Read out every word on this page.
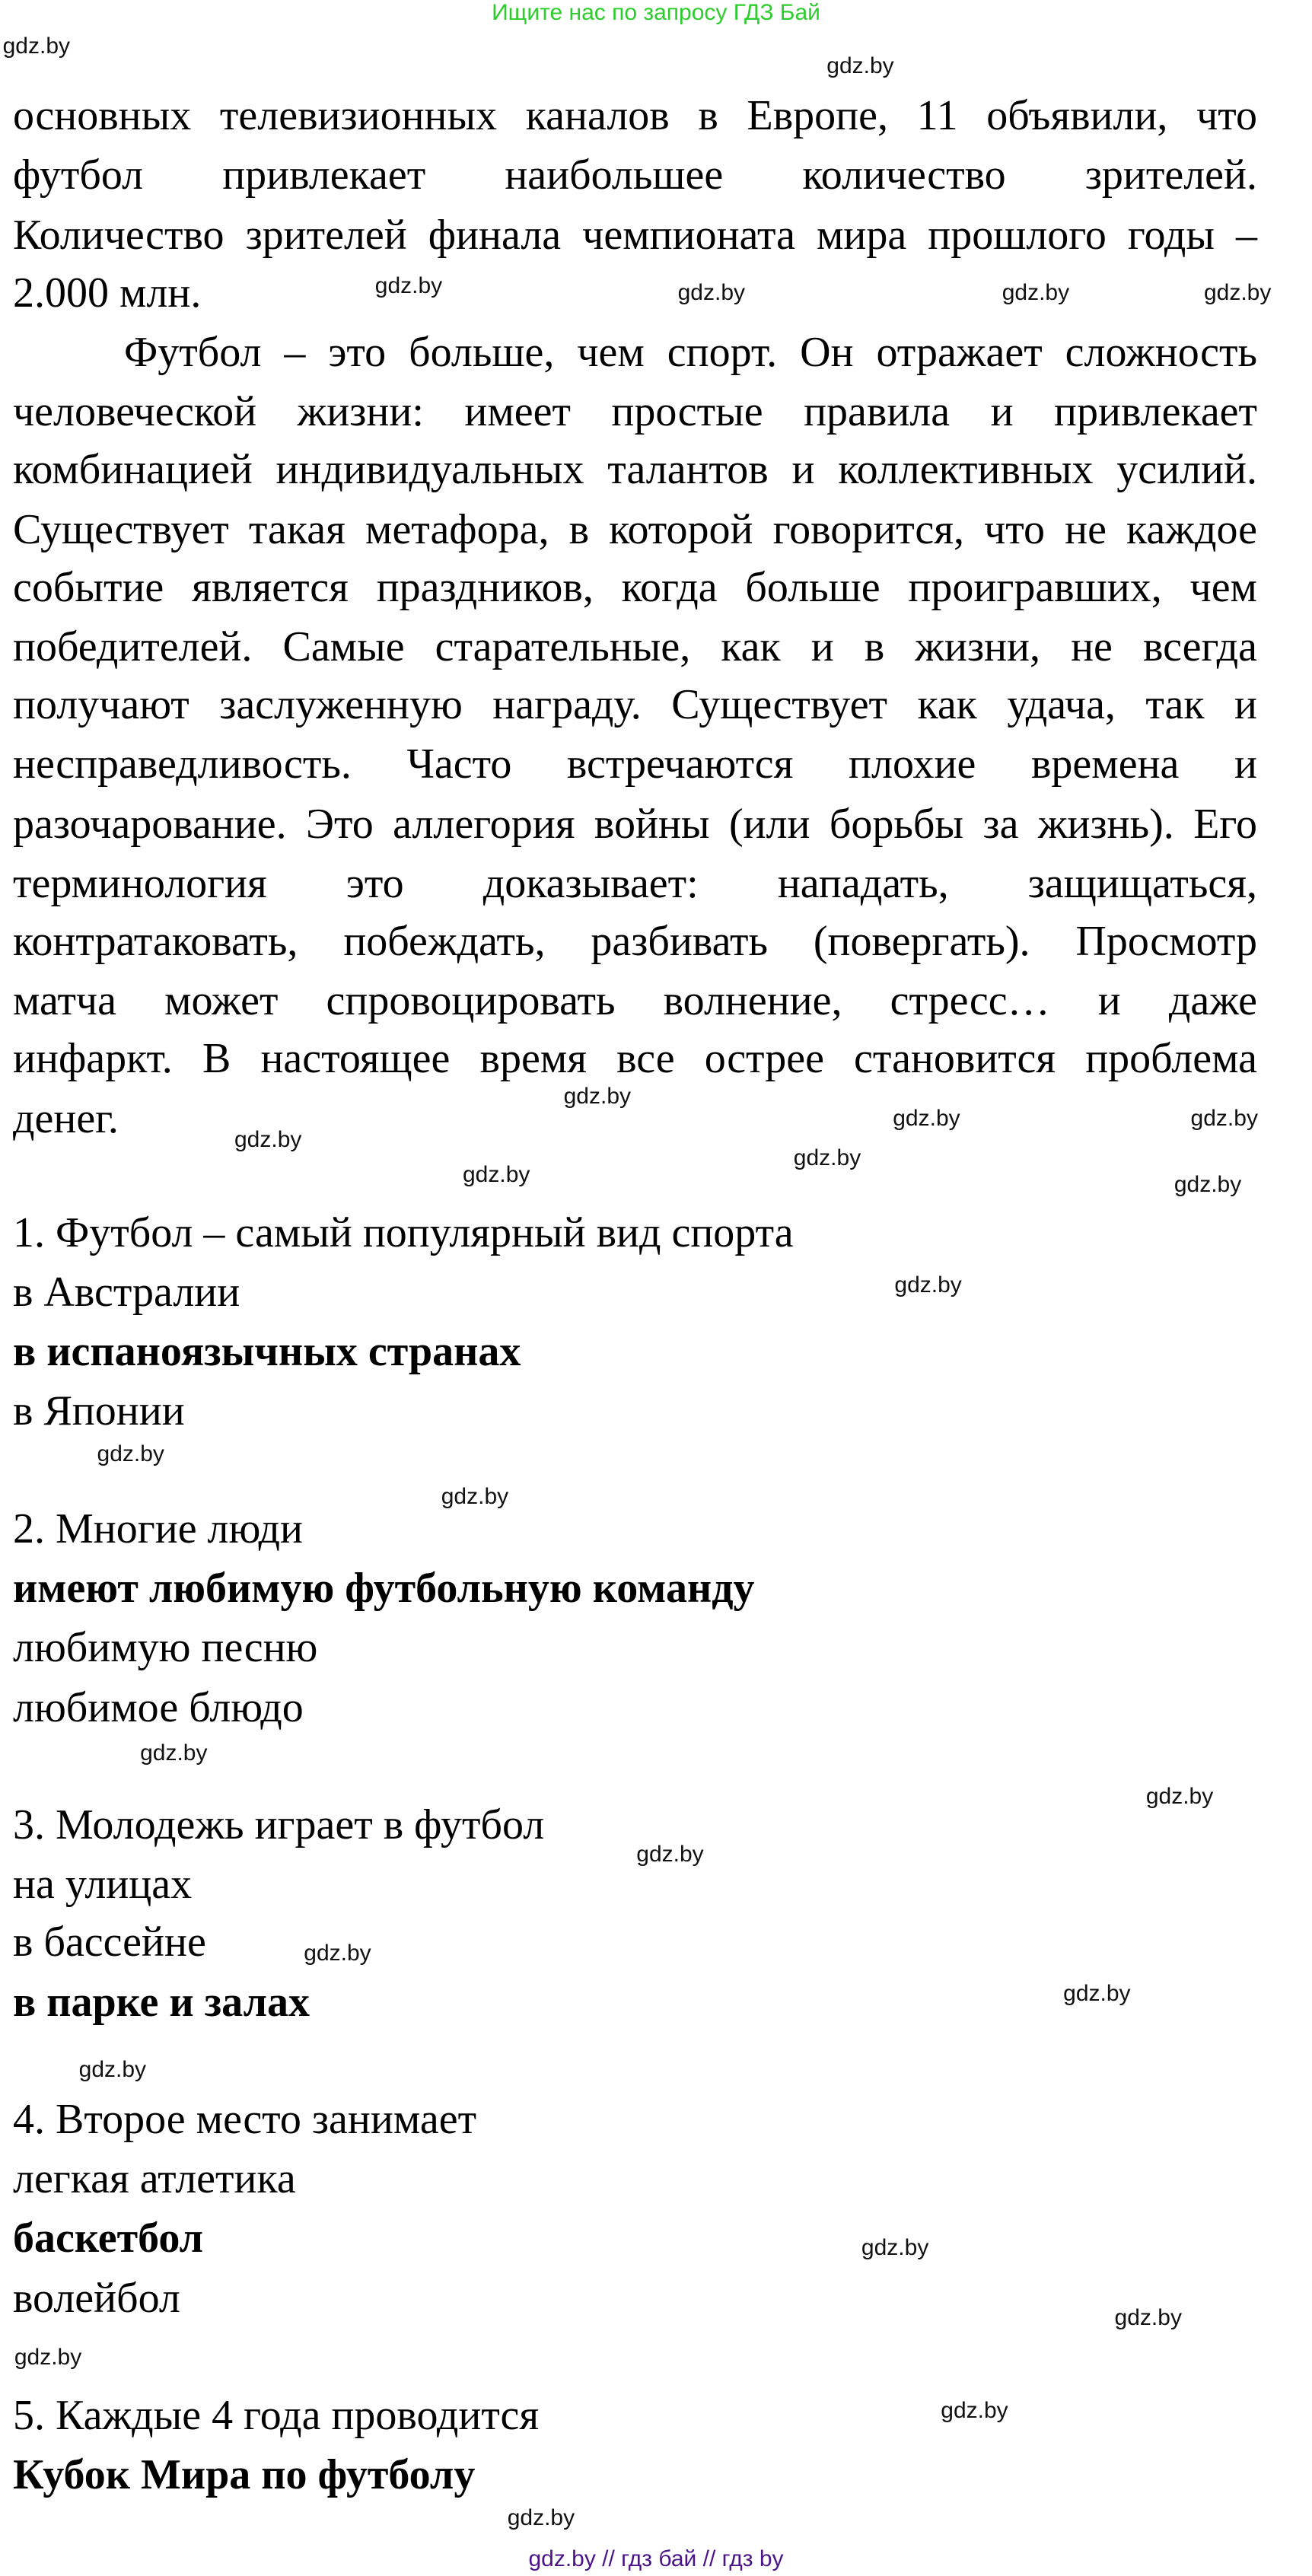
Ищите нас по запросу ГДЗ Бай
основных телевизионных каналов в Европе, 11 объявили, что
футбол привлекает наибольшее количество зрителей.
Количество зрителей финала чемпионата мира прошлого годы –
2.000 млн.
Футбол – это больше, чем спорт. Он отражает сложность
человеческой жизни: имеет простые правила и привлекает
комбинацией индивидуальных талантов и коллективных усилий.
Существует такая метафора, в которой говорится, что не каждое
событие является праздников, когда больше проигравших, чем
победителей. Самые старательные, как и в жизни, не всегда
получают заслуженную награду. Существует как удача, так и
несправедливость. Часто встречаются плохие времена и
разочарование. Это аллегория войны (или борьбы за жизнь). Его
терминология это доказывает: нападать, защищаться,
контратаковать, побеждать, разбивать (повергать). Просмотр
матча может спровоцировать волнение, стресс… и даже
инфаркт. В настоящее время все острее становится проблема
денег.
1. Футбол – самый популярный вид спорта
в Австралии
в испаноязычных странах
в Японии
2. Многие люди
имеют любимую футбольную команду
любимую песню
любимое блюдо
3. Молодежь играет в футбол
на улицах
в бассейне
в парке и залах
4. Второе место занимает
легкая атлетика
баскетбол
волейбол
5. Каждые 4 года проводится
Кубок Мира по футболу
gdz.by
gdz.by
gdz.by
gdz.by	gdz.by
gdz.by
gdz.by	gdz.by
gdz.by
gdz.by
gdz.by
gdz.by
gdz.by
gdz.by
gdz.by
gdz.by
gdz.by
gdz.by
gdz.by
gdz.by
gdz.by
gdz.by
gdz.by
gdz.by
gdz.by
gdz.by
gdz.by
gdz.by // гдз бай // гдз by
